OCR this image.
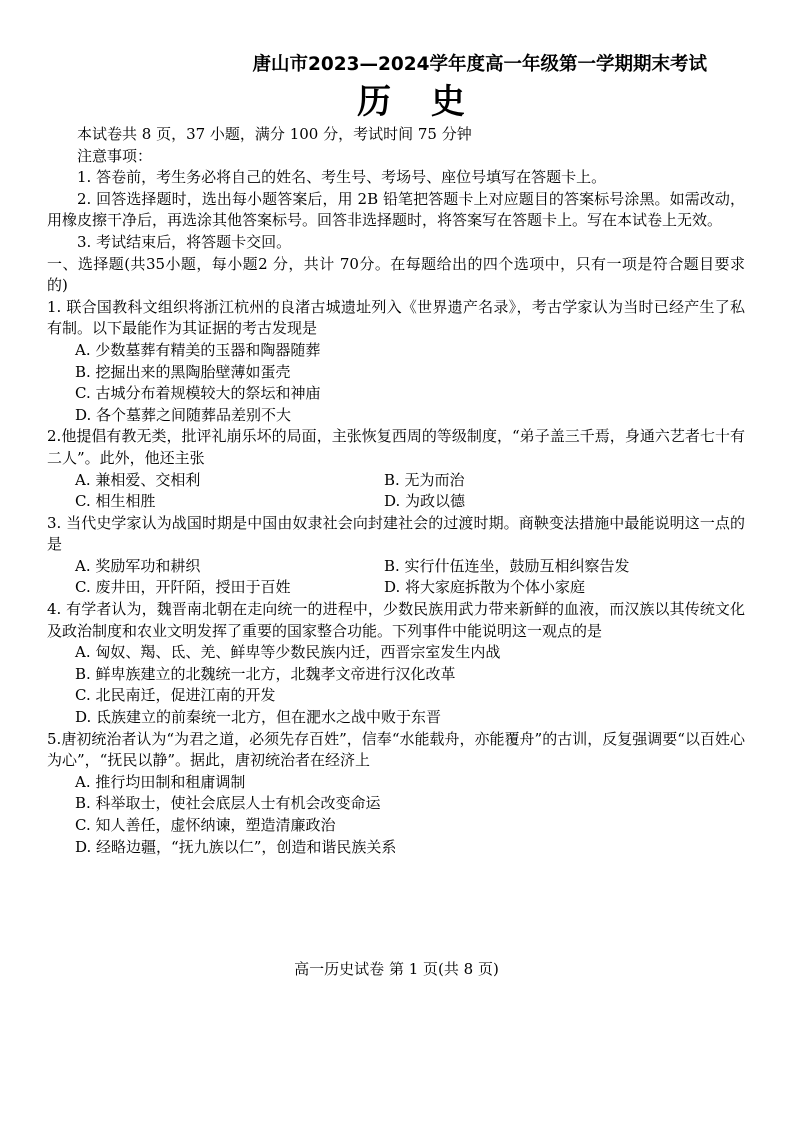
唐山市2023—2024学年度高一年级第一学期期末考试
历 史
本试卷共 8 页，37 小题，满分 100 分，考试时间 75 分钟
注意事项：
1. 答卷前，考生务必将自己的姓名、考生号、考场号、座位号填写在答题卡上。
2. 回答选择题时，选出每小题答案后，用 2B 铅笔把答题卡上对应题目的答案标号涂黑。如需改动，用橡皮擦干净后，再选涂其他答案标号。回答非选择题时，将答案写在答题卡上。写在本试卷上无效。
3. 考试结束后，将答题卡交回。
一、选择题(共35小题，每小题2 分，共计 70分。在每题给出的四个选项中，只有一项是符合题目要求的)
1. 联合国教科文组织将浙江杭州的良渚古城遗址列入《世界遗产名录》，考古学家认为当时已经产生了私有制。以下最能作为其证据的考古发现是
A. 少数墓葬有精美的玉器和陶器随葬
B. 挖掘出来的黑陶胎壁薄如蛋壳
C. 古城分布着规模较大的祭坛和神庙
D. 各个墓葬之间随葬品差别不大
2.他提倡有教无类，批评礼崩乐坏的局面，主张恢复西周的等级制度，“弟子盖三千焉，身通六艺者七十有二人”。此外，他还主张
A. 兼相爱、交相利	B. 无为而治
C. 相生相胜	D. 为政以德
3. 当代史学家认为战国时期是中国由奴隶社会向封建社会的过渡时期。商鞅变法措施中最能说明这一点的是
A. 奖励军功和耕织	B. 实行什伍连坐，鼓励互相纠察告发
C. 废井田，开阡陌，授田于百姓	D. 将大家庭拆散为个体小家庭
4. 有学者认为，魏晋南北朝在走向统一的进程中，少数民族用武力带来新鲜的血液，而汉族以其传统文化及政治制度和农业文明发挥了重要的国家整合功能。下列事件中能说明这一观点的是
A. 匈奴、羯、氐、羌、鲜卑等少数民族内迁，西晋宗室发生内战
B. 鲜卑族建立的北魏统一北方，北魏孝文帝进行汉化改革
C. 北民南迁，促进江南的开发
D. 氐族建立的前秦统一北方，但在淝水之战中败于东晋
5.唐初统治者认为“为君之道，必须先存百姓”，信奉“水能载舟，亦能覆舟”的古训，反复强调要“以百姓心为心”，“抚民以静”。据此，唐初统治者在经济上
A. 推行均田制和租庸调制
B. 科举取士，使社会底层人士有机会改变命运
C. 知人善任，虚怀纳谏，塑造清廉政治
D. 经略边疆，“抚九族以仁”，创造和谐民族关系
高一历史试卷 第 1 页(共 8 页)
